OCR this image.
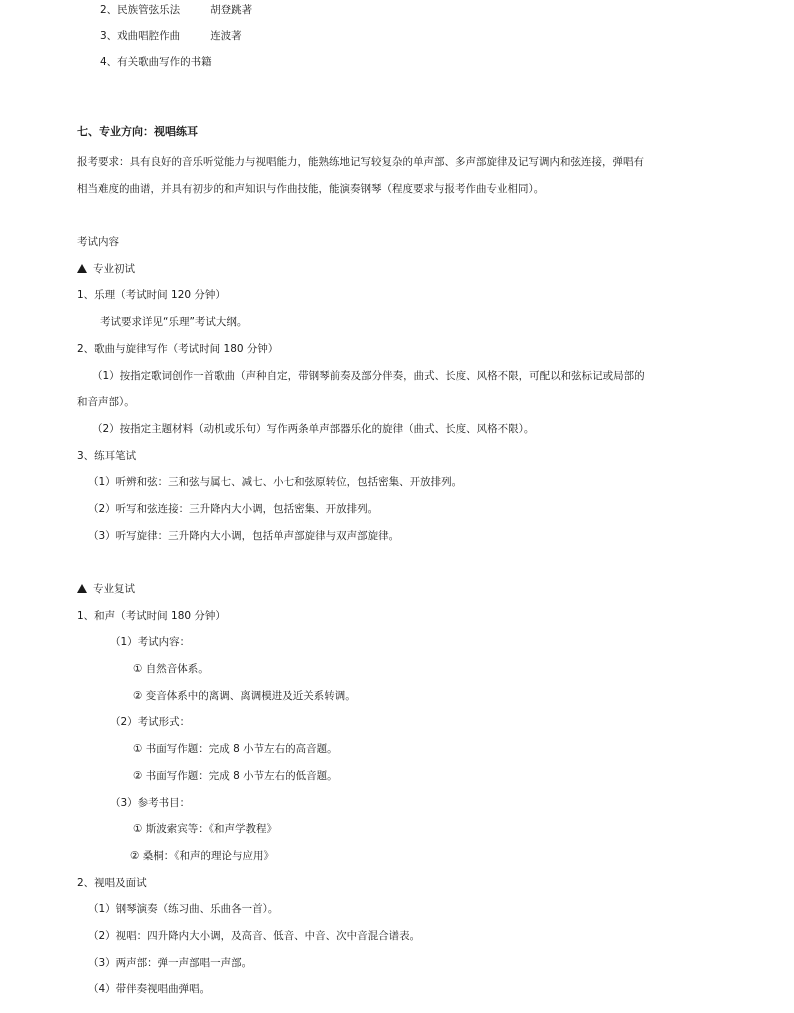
2、民族管弦乐法	胡登跳著
3、戏曲唱腔作曲	连波著
4、有关歌曲写作的书籍
七、专业方向：视唱练耳
报考要求：具有良好的音乐听觉能力与视唱能力，能熟练地记写较复杂的单声部、多声部旋律及记写调内和弦连接，弹唱有
相当难度的曲谱，并具有初步的和声知识与作曲技能，能演奏钢琴（程度要求与报考作曲专业相同）。
考试内容
专业初试
1、乐理（考试时间 120 分钟）
考试要求详见“乐理”考试大纲。
2、歌曲与旋律写作（考试时间 180 分钟）
（1）按指定歌词创作一首歌曲（声种自定，带钢琴前奏及部分伴奏，曲式、长度、风格不限，可配以和弦标记或局部的
和音声部）。
（2）按指定主题材料（动机或乐句）写作两条单声部器乐化的旋律（曲式、长度、风格不限）。
3、练耳笔试
（1）听辨和弦：三和弦与属七、减七、小七和弦原转位，包括密集、开放排列。
（2）听写和弦连接：三升降内大小调，包括密集、开放排列。
（3）听写旋律：三升降内大小调，包括单声部旋律与双声部旋律。
专业复试
1、和声（考试时间 180 分钟）
（1）考试内容：
① 自然音体系。
② 变音体系中的离调、离调模进及近关系转调。
（2）考试形式：
① 书面写作题：完成 8 小节左右的高音题。
② 书面写作题：完成 8 小节左右的低音题。
（3）参考书目：
① 斯波索宾等：《和声学教程》
② 桑桐：《和声的理论与应用》
2、视唱及面试
（1）钢琴演奏（练习曲、乐曲各一首）。
（2）视唱：四升降内大小调，及高音、低音、中音、次中音混合谱表。
（3）两声部：弹一声部唱一声部。
（4）带伴奏视唱曲弹唱。
